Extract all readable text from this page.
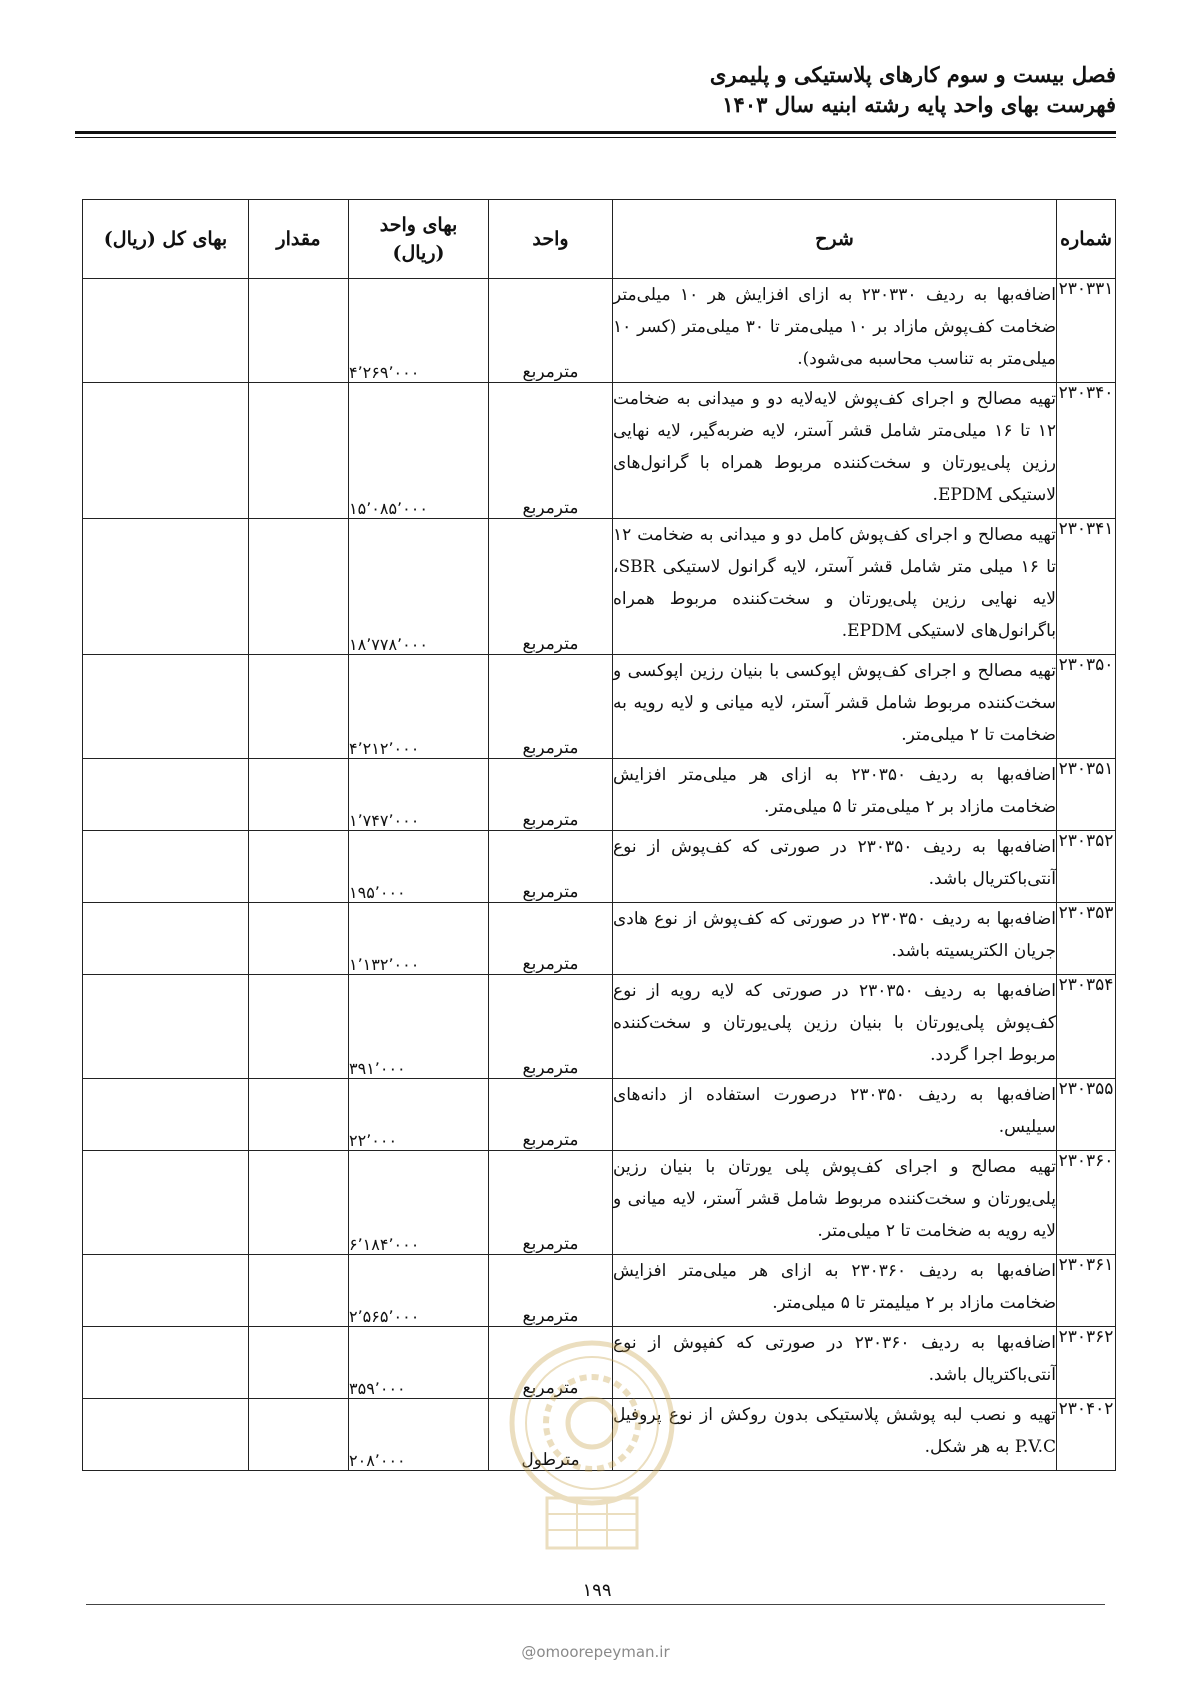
فصل بیست و سوم کارهای پلاستیکی و پلیمری
فهرست بهای واحد پایه رشته ابنیه سال ۱۴۰۳
شماره	شرح	واحد	بهای واحد
(ریال)	مقدار	بهای کل (ریال)
۲۳۰۳۳۱	اضافه‌بها به ردیف ۲۳۰۳۳۰ به ازای افزایش هر ۱۰ میلی‌متر ضخامت کف‌پوش مازاد بر ۱۰ میلی‌متر تا ۳۰ میلی‌متر (کسر ۱۰ میلی‌متر به تناسب محاسبه می‌شود).	مترمربع	۴٬۲۶۹٬۰۰۰		
۲۳۰۳۴۰	تهیه مصالح و اجرای کف‌پوش لایه‌لایه دو و میدانی به ضخامت ۱۲ تا ۱۶ میلی‌متر شامل قشر آستر، لایه ضربه‌گیر، لایه نهایی رزین پلی‌یورتان و سخت‌کننده مربوط همراه با گرانول‌های لاستیکی EPDM.	مترمربع	۱۵٬۰۸۵٬۰۰۰		
۲۳۰۳۴۱	تهیه مصالح و اجرای کف‌پوش کامل دو و میدانی به ضخامت ۱۲ تا ۱۶ میلی متر شامل قشر آستر، لایه گرانول لاستیکی SBR، لایه نهایی رزین پلی‌یورتان و سخت‌کننده مربوط همراه باگرانول‌های لاستیکی EPDM.	مترمربع	۱۸٬۷۷۸٬۰۰۰		
۲۳۰۳۵۰	تهیه مصالح و اجرای کف‌پوش اپوکسی با بنیان رزین اپوکسی و سخت‌کننده مربوط شامل قشر آستر، لایه میانی و لایه رویه به ضخامت تا ۲ میلی‌متر.	مترمربع	۴٬۲۱۲٬۰۰۰		
۲۳۰۳۵۱	اضافه‌بها به ردیف ۲۳۰۳۵۰ به ازای هر میلی‌متر افزایش ضخامت مازاد بر ۲ میلی‌متر تا ۵ میلی‌متر.	مترمربع	۱٬۷۴۷٬۰۰۰		
۲۳۰۳۵۲	اضافه‌بها به ردیف ۲۳۰۳۵۰ در صورتی که کف‌پوش از نوع آنتی‌باکتریال باشد.	مترمربع	۱۹۵٬۰۰۰		
۲۳۰۳۵۳	اضافه‌بها به ردیف ۲۳۰۳۵۰ در صورتی که کف‌پوش از نوع هادی جریان الکتریسیته باشد.	مترمربع	۱٬۱۳۲٬۰۰۰		
۲۳۰۳۵۴	اضافه‌بها به ردیف ۲۳۰۳۵۰ در صورتی که لایه رویه از نوع کف‌پوش پلی‌یورتان با بنیان رزین پلی‌یورتان و سخت‌کننده مربوط اجرا گردد.	مترمربع	۳۹۱٬۰۰۰		
۲۳۰۳۵۵	اضافه‌بها به ردیف ۲۳۰۳۵۰ درصورت استفاده از دانه‌های سیلیس.	مترمربع	۲۲٬۰۰۰		
۲۳۰۳۶۰	تهیه مصالح و اجرای کف‌پوش پلی یورتان با بنیان رزین پلی‌یورتان و سخت‌کننده مربوط شامل قشر آستر، لایه میانی و لایه رویه به ضخامت تا ۲ میلی‌متر.	مترمربع	۶٬۱۸۴٬۰۰۰		
۲۳۰۳۶۱	اضافه‌بها به ردیف ۲۳۰۳۶۰ به ازای هر میلی‌متر افزایش ضخامت مازاد بر ۲ میلیمتر تا ۵ میلی‌متر.	مترمربع	۲٬۵۶۵٬۰۰۰		
۲۳۰۳۶۲	اضافه‌بها به ردیف ۲۳۰۳۶۰ در صورتی که کفپوش از نوع آنتی‌باکتریال باشد.	مترمربع	۳۵۹٬۰۰۰		
۲۳۰۴۰۲	تهیه و نصب لبه پوشش پلاستیکی بدون روکش از نوع پروفیل P.V.C به هر شکل.	مترطول	۲۰۸٬۰۰۰		
۱۹۹
@omoorepeyman.ir
